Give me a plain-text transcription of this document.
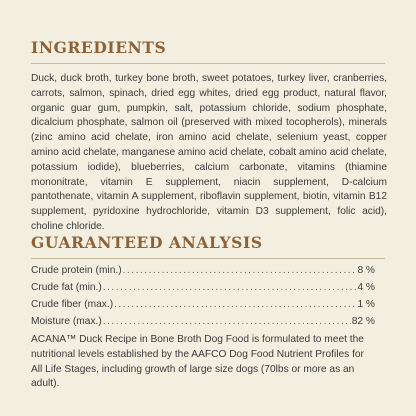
INGREDIENTS

Duck, duck broth, turkey bone broth, sweet potatoes, turkey liver, cranberries, carrots, salmon, spinach, dried egg whites, dried egg product, natural flavor, organic guar gum, pumpkin, salt, potassium chloride, sodium phosphate, dicalcium phosphate, salmon oil (preserved with mixed tocopherols), minerals (zinc amino acid chelate, iron amino acid chelate, selenium yeast, copper amino acid chelate, manganese amino acid chelate, cobalt amino acid chelate, potassium iodide), blueberries, calcium carbonate, vitamins (thiamine mononitrate, vitamin E supplement, niacin supplement, D-calcium pantothenate, vitamin A supplement, riboflavin supplement, biotin, vitamin B12 supplement, pyridoxine hydrochloride, vitamin D3 supplement, folic acid), choline chloride.

GUARANTEED ANALYSIS
Crude protein (min.) .....	8 %
Crude fat (min.) .....	4 %
Crude fiber (max.) .....	1 %
Moisture (max.) .....	82 %

ACANA™ Duck Recipe in Bone Broth Dog Food is formulated to meet the nutritional levels established by the AAFCO Dog Food Nutrient Profiles for All Life Stages, including growth of large size dogs (70lbs or more as an adult).
